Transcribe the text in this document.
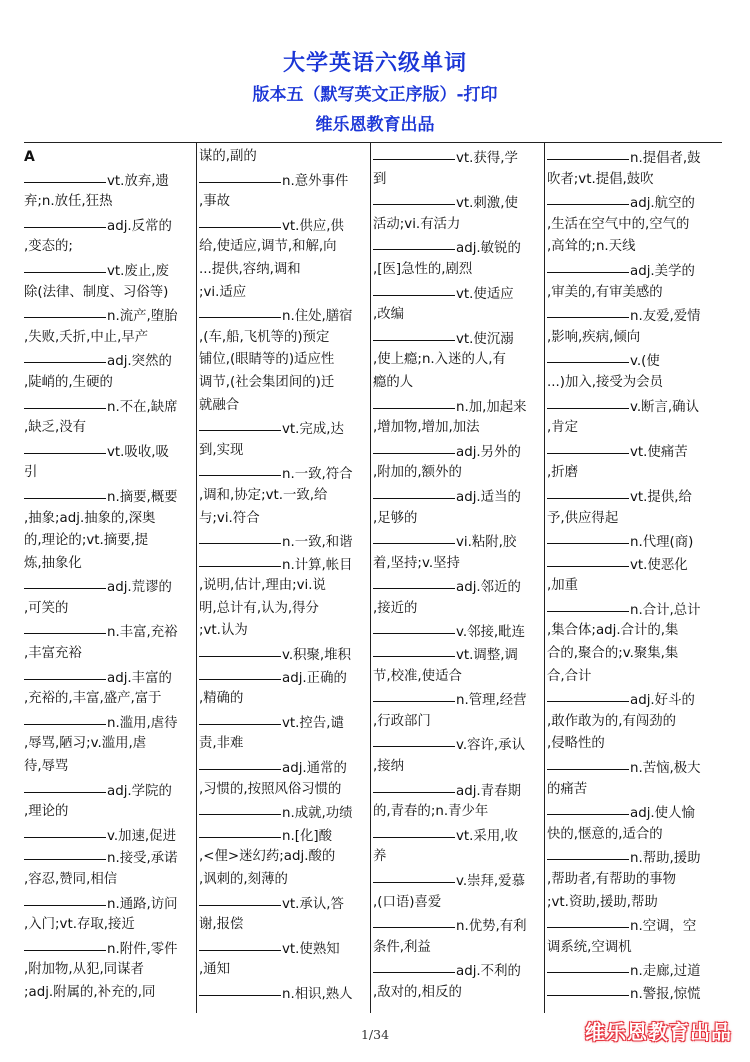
大学英语六级单词
版本五（默写英文正序版）-打印
维乐恩教育出品
A
vt.放弃,遗
弃;n.放任,狂热
adj.反常的
,变态的;
vt.废止,废
除(法律、制度、习俗等)
n.流产,堕胎
,失败,夭折,中止,早产
adj.突然的
,陡峭的,生硬的
n.不在,缺席
,缺乏,没有
vt.吸收,吸
引
n.摘要,概要
,抽象;adj.抽象的,深奥
的,理论的;vt.摘要,提
炼,抽象化
adj.荒谬的
,可笑的
n.丰富,充裕
,丰富充裕
adj.丰富的
,充裕的,丰富,盛产,富于
n.滥用,虐待
,辱骂,陋习;v.滥用,虐
待,辱骂
adj.学院的
,理论的
v.加速,促进
n.接受,承诺
,容忍,赞同,相信
n.通路,访问
,入门;vt.存取,接近
n.附件,零件
,附加物,从犯,同谋者
;adj.附属的,补充的,同
谋的,副的
n.意外事件
,事故
vt.供应,供
给,使适应,调节,和解,向
...提供,容纳,调和
;vi.适应
n.住处,膳宿
,(车,船,飞机等的)预定
铺位,(眼睛等的)适应性
调节,(社会集团间的)迁
就融合
vt.完成,达
到,实现
n.一致,符合
,调和,协定;vt.一致,给
与;vi.符合
n.一致,和谐
n.计算,帐目
,说明,估计,理由;vi.说
明,总计有,认为,得分
;vt.认为
v.积聚,堆积
adj.正确的
,精确的
vt.控告,谴
责,非难
adj.通常的
,习惯的,按照风俗习惯的
n.成就,功绩
n.[化]酸
,<俚>迷幻药;adj.酸的
,讽刺的,刻薄的
vt.承认,答
谢,报偿
vt.使熟知
,通知
n.相识,熟人
vt.获得,学
到
vt.刺激,使
活动;vi.有活力
adj.敏锐的
,[医]急性的,剧烈
vt.使适应
,改编
vt.使沉溺
,使上瘾;n.入迷的人,有
瘾的人
n.加,加起来
,增加物,增加,加法
adj.另外的
,附加的,额外的
adj.适当的
,足够的
vi.粘附,胶
着,坚持;v.坚持
adj.邻近的
,接近的
v.邻接,毗连
vt.调整,调
节,校准,使适合
n.管理,经营
,行政部门
v.容许,承认
,接纳
adj.青春期
的,青春的;n.青少年
vt.采用,收
养
v.崇拜,爱慕
,(口语)喜爱
n.优势,有利
条件,利益
adj.不利的
,敌对的,相反的
n.提倡者,鼓
吹者;vt.提倡,鼓吹
adj.航空的
,生活在空气中的,空气的
,高耸的;n.天线
adj.美学的
,审美的,有审美感的
n.友爱,爱情
,影响,疾病,倾向
v.(使
...)加入,接受为会员
v.断言,确认
,肯定
vt.使痛苦
,折磨
vt.提供,给
予,供应得起
n.代理(商)
vt.使恶化
,加重
n.合计,总计
,集合体;adj.合计的,集
合的,聚合的;v.聚集,集
合,合计
adj.好斗的
,敢作敢为的,有闯劲的
,侵略性的
n.苦恼,极大
的痛苦
adj.使人愉
快的,惬意的,适合的
n.帮助,援助
,帮助者,有帮助的事物
;vt.资助,援助,帮助
n.空调，空
调系统,空调机
n.走廊,过道
n.警报,惊慌
1/34	维乐恩教育出品
